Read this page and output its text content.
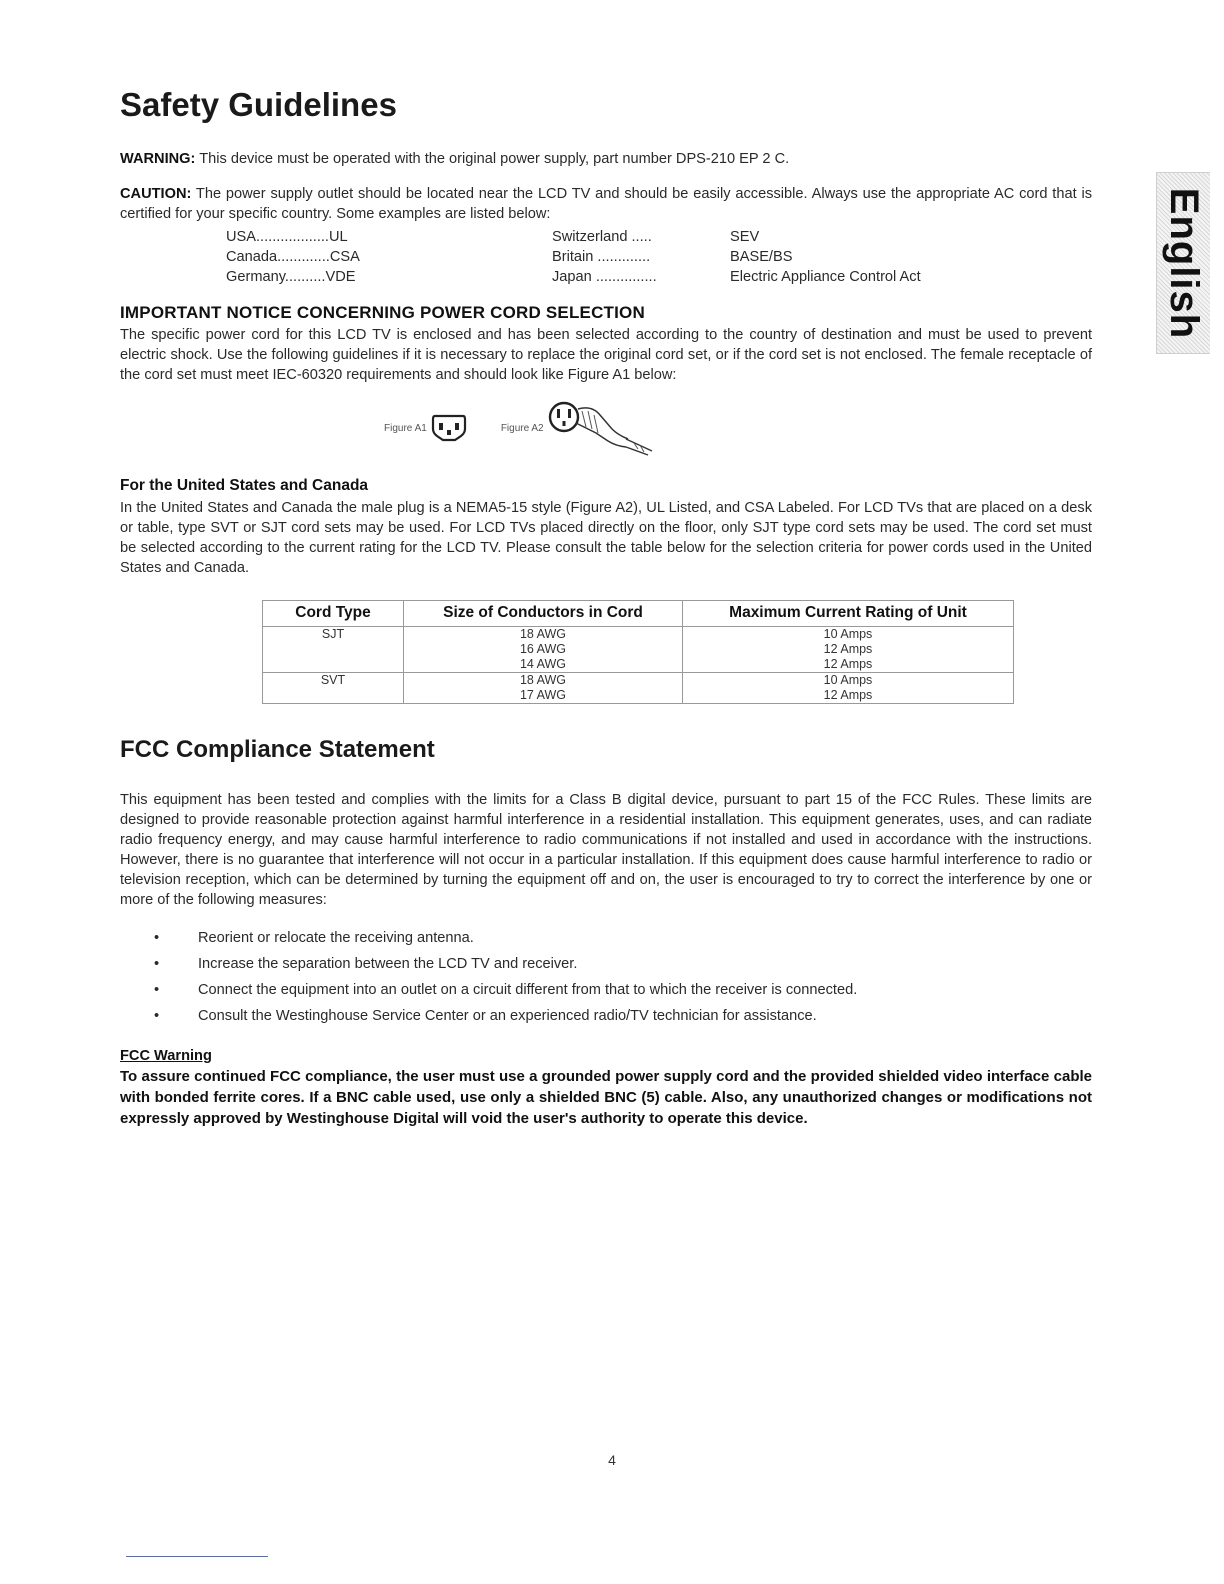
English
Safety Guidelines

WARNING: This device must be operated with the original power supply, part number DPS-210 EP 2 C.

CAUTION: The power supply outlet should be located near the LCD TV and should be easily accessible. Always use the appropriate AC cord that is certified for your specific country. Some examples are listed below:

USA..................UL	Switzerland .....	SEV
Canada.............CSA	Britain .............	BASE/BS
Germany..........VDE	Japan ...............	Electric Appliance Control Act
IMPORTANT NOTICE CONCERNING POWER CORD SELECTION

The specific power cord for this LCD TV is enclosed and has been selected according to the country of destination and must be used to prevent electric shock. Use the following guidelines if it is necessary to replace the original cord set, or if the cord set is not enclosed. The female receptacle of the cord set must meet IEC-60320 requirements and should look like Figure A1 below:

Figure A1	Figure A2
For the United States and Canada

In the United States and Canada the male plug is a NEMA5-15 style (Figure A2), UL Listed, and CSA Labeled. For LCD TVs that are placed on a desk or table, type SVT or SJT cord sets may be used. For LCD TVs placed directly on the floor, only SJT type cord sets may be used. The cord set must be selected according to the current rating for the LCD TV. Please consult the table below for the selection criteria for power cords used in the United States and Canada.

Cord Type	Size of Conductors in Cord	Maximum Current Rating of Unit
SJT	18 AWG	10 Amps
	16 AWG	12 Amps
	14 AWG	12 Amps
SVT	18 AWG	10 Amps
	17 AWG	12 Amps
FCC Compliance Statement

This equipment has been tested and complies with the limits for a Class B digital device, pursuant to part 15 of the FCC Rules. These limits are designed to provide reasonable protection against harmful interference in a residential installation. This equipment generates, uses, and can radiate radio frequency energy, and may cause harmful interference to radio communications if not installed and used in accordance with the instructions. However, there is no guarantee that interference will not occur in a particular installation. If this equipment does cause harmful interference to radio or television reception, which can be determined by turning the equipment off and on, the user is encouraged to try to correct the interference by one or more of the following measures:

•	Reorient or relocate the receiving antenna.
•	Increase the separation between the LCD TV and receiver.
•	Connect the equipment into an outlet on a circuit different from that to which the receiver is connected.
•	Consult the Westinghouse Service Center or an experienced radio/TV technician for assistance.
FCC Warning
To assure continued FCC compliance, the user must use a grounded power supply cord and the provided shielded video interface cable with bonded ferrite cores. If a BNC cable used, use only a shielded BNC (5) cable. Also, any unauthorized changes or modifications not expressly approved by Westinghouse Digital will void the user's authority to operate this device.
4
